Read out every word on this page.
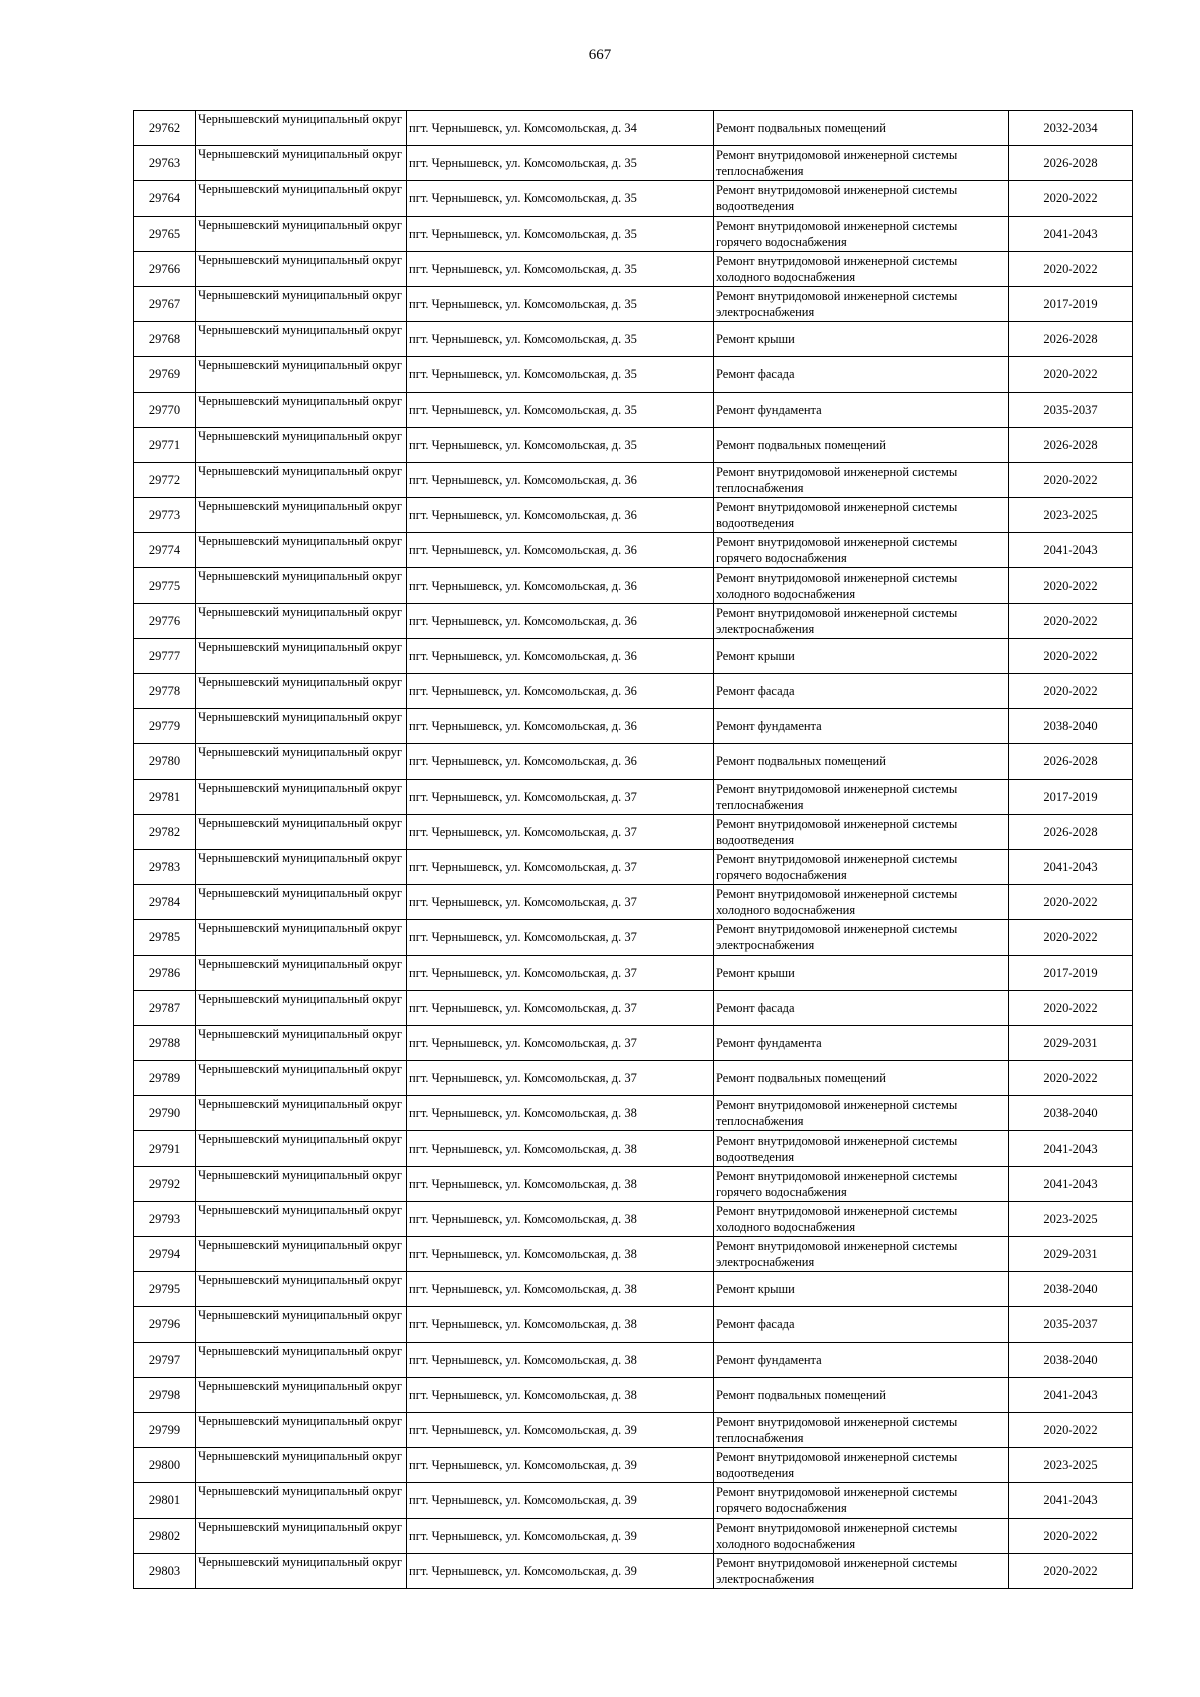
667
29762	Чернышевский муниципальный округ	пгт. Чернышевск, ул. Комсомольская, д. 34	Ремонт подвальных помещений	2032-2034
29763	Чернышевский муниципальный округ	пгт. Чернышевск, ул. Комсомольская, д. 35	Ремонт внутридомовой инженерной системы теплоснабжения	2026-2028
29764	Чернышевский муниципальный округ	пгт. Чернышевск, ул. Комсомольская, д. 35	Ремонт внутридомовой инженерной системы водоотведения	2020-2022
29765	Чернышевский муниципальный округ	пгт. Чернышевск, ул. Комсомольская, д. 35	Ремонт внутридомовой инженерной системы горячего водоснабжения	2041-2043
29766	Чернышевский муниципальный округ	пгт. Чернышевск, ул. Комсомольская, д. 35	Ремонт внутридомовой инженерной системы холодного водоснабжения	2020-2022
29767	Чернышевский муниципальный округ	пгт. Чернышевск, ул. Комсомольская, д. 35	Ремонт внутридомовой инженерной системы электроснабжения	2017-2019
29768	Чернышевский муниципальный округ	пгт. Чернышевск, ул. Комсомольская, д. 35	Ремонт крыши	2026-2028
29769	Чернышевский муниципальный округ	пгт. Чернышевск, ул. Комсомольская, д. 35	Ремонт фасада	2020-2022
29770	Чернышевский муниципальный округ	пгт. Чернышевск, ул. Комсомольская, д. 35	Ремонт фундамента	2035-2037
29771	Чернышевский муниципальный округ	пгт. Чернышевск, ул. Комсомольская, д. 35	Ремонт подвальных помещений	2026-2028
29772	Чернышевский муниципальный округ	пгт. Чернышевск, ул. Комсомольская, д. 36	Ремонт внутридомовой инженерной системы теплоснабжения	2020-2022
29773	Чернышевский муниципальный округ	пгт. Чернышевск, ул. Комсомольская, д. 36	Ремонт внутридомовой инженерной системы водоотведения	2023-2025
29774	Чернышевский муниципальный округ	пгт. Чернышевск, ул. Комсомольская, д. 36	Ремонт внутридомовой инженерной системы горячего водоснабжения	2041-2043
29775	Чернышевский муниципальный округ	пгт. Чернышевск, ул. Комсомольская, д. 36	Ремонт внутридомовой инженерной системы холодного водоснабжения	2020-2022
29776	Чернышевский муниципальный округ	пгт. Чернышевск, ул. Комсомольская, д. 36	Ремонт внутридомовой инженерной системы электроснабжения	2020-2022
29777	Чернышевский муниципальный округ	пгт. Чернышевск, ул. Комсомольская, д. 36	Ремонт крыши	2020-2022
29778	Чернышевский муниципальный округ	пгт. Чернышевск, ул. Комсомольская, д. 36	Ремонт фасада	2020-2022
29779	Чернышевский муниципальный округ	пгт. Чернышевск, ул. Комсомольская, д. 36	Ремонт фундамента	2038-2040
29780	Чернышевский муниципальный округ	пгт. Чернышевск, ул. Комсомольская, д. 36	Ремонт подвальных помещений	2026-2028
29781	Чернышевский муниципальный округ	пгт. Чернышевск, ул. Комсомольская, д. 37	Ремонт внутридомовой инженерной системы теплоснабжения	2017-2019
29782	Чернышевский муниципальный округ	пгт. Чернышевск, ул. Комсомольская, д. 37	Ремонт внутридомовой инженерной системы водоотведения	2026-2028
29783	Чернышевский муниципальный округ	пгт. Чернышевск, ул. Комсомольская, д. 37	Ремонт внутридомовой инженерной системы горячего водоснабжения	2041-2043
29784	Чернышевский муниципальный округ	пгт. Чернышевск, ул. Комсомольская, д. 37	Ремонт внутридомовой инженерной системы холодного водоснабжения	2020-2022
29785	Чернышевский муниципальный округ	пгт. Чернышевск, ул. Комсомольская, д. 37	Ремонт внутридомовой инженерной системы электроснабжения	2020-2022
29786	Чернышевский муниципальный округ	пгт. Чернышевск, ул. Комсомольская, д. 37	Ремонт крыши	2017-2019
29787	Чернышевский муниципальный округ	пгт. Чернышевск, ул. Комсомольская, д. 37	Ремонт фасада	2020-2022
29788	Чернышевский муниципальный округ	пгт. Чернышевск, ул. Комсомольская, д. 37	Ремонт фундамента	2029-2031
29789	Чернышевский муниципальный округ	пгт. Чернышевск, ул. Комсомольская, д. 37	Ремонт подвальных помещений	2020-2022
29790	Чернышевский муниципальный округ	пгт. Чернышевск, ул. Комсомольская, д. 38	Ремонт внутридомовой инженерной системы теплоснабжения	2038-2040
29791	Чернышевский муниципальный округ	пгт. Чернышевск, ул. Комсомольская, д. 38	Ремонт внутридомовой инженерной системы водоотведения	2041-2043
29792	Чернышевский муниципальный округ	пгт. Чернышевск, ул. Комсомольская, д. 38	Ремонт внутридомовой инженерной системы горячего водоснабжения	2041-2043
29793	Чернышевский муниципальный округ	пгт. Чернышевск, ул. Комсомольская, д. 38	Ремонт внутридомовой инженерной системы холодного водоснабжения	2023-2025
29794	Чернышевский муниципальный округ	пгт. Чернышевск, ул. Комсомольская, д. 38	Ремонт внутридомовой инженерной системы электроснабжения	2029-2031
29795	Чернышевский муниципальный округ	пгт. Чернышевск, ул. Комсомольская, д. 38	Ремонт крыши	2038-2040
29796	Чернышевский муниципальный округ	пгт. Чернышевск, ул. Комсомольская, д. 38	Ремонт фасада	2035-2037
29797	Чернышевский муниципальный округ	пгт. Чернышевск, ул. Комсомольская, д. 38	Ремонт фундамента	2038-2040
29798	Чернышевский муниципальный округ	пгт. Чернышевск, ул. Комсомольская, д. 38	Ремонт подвальных помещений	2041-2043
29799	Чернышевский муниципальный округ	пгт. Чернышевск, ул. Комсомольская, д. 39	Ремонт внутридомовой инженерной системы теплоснабжения	2020-2022
29800	Чернышевский муниципальный округ	пгт. Чернышевск, ул. Комсомольская, д. 39	Ремонт внутридомовой инженерной системы водоотведения	2023-2025
29801	Чернышевский муниципальный округ	пгт. Чернышевск, ул. Комсомольская, д. 39	Ремонт внутридомовой инженерной системы горячего водоснабжения	2041-2043
29802	Чернышевский муниципальный округ	пгт. Чернышевск, ул. Комсомольская, д. 39	Ремонт внутридомовой инженерной системы холодного водоснабжения	2020-2022
29803	Чернышевский муниципальный округ	пгт. Чернышевск, ул. Комсомольская, д. 39	Ремонт внутридомовой инженерной системы электроснабжения	2020-2022
